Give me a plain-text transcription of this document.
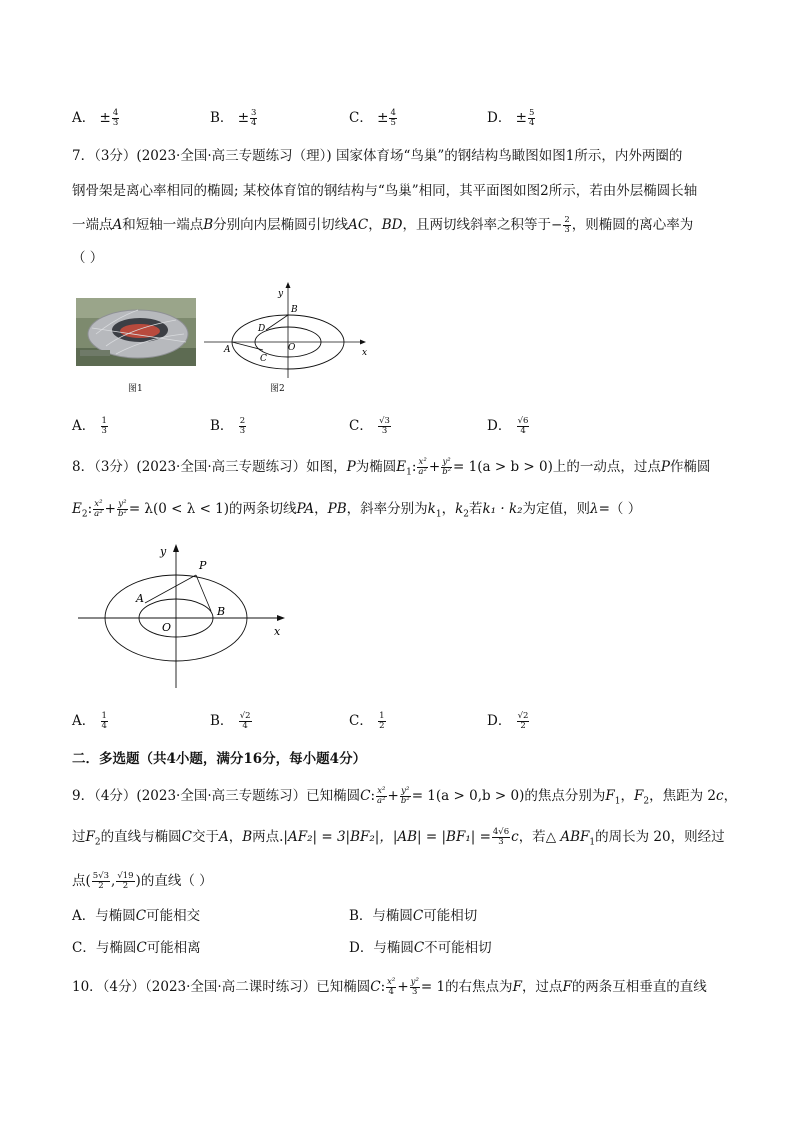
A． ± $\frac{4}{3}$	B． ± $\frac{3}{4}$	C． ± $\frac{4}{5}$	D． ± $\frac{5}{4}$
7．（3分）(2023·全国·高三专题练习（理）) 国家体育场“鸟巢”的钢结构鸟瞰图如图1所示，内外两圈的
钢骨架是离心率相同的椭圆; 某校体育馆的钢结构与“鸟巢”相同，其平面图如图2所示，若由外层椭圆长轴
一端点A和短轴一端点B分别向内层椭圆引切线AC，BD，且两切线斜率之积等于− $\frac{2}{3}$ ，则椭圆的离心率为
（ ）
图1
y
x
A
B
C
D
O
图2
A． $\frac{1}{3}$	B． $\frac{2}{3}$	C． $\frac{√3}{3}$	D． $\frac{√6}{4}$
8．（3分）(2023·全国·高三专题练习）如图，P为椭圆$E_1$: $\frac{\text{x²}}{\text{a²}} + \frac{\text{y²}}{\text{b²}} = 1(a > b > 0)$上的一动点，过点P作椭圆
$E_2$: $\frac{\text{x²}}{\text{a²}} + \frac{\text{y²}}{\text{b²}} = \lambda(0 < \lambda < 1)$的两条切线PA，PB，斜率分别为$k_1$，$k_2$若k₁ · k₂为定值，则λ=（ ）
y
x
P
A
B
O
A． $\frac{1}{4}$	B． $\frac{√2}{4}$	C． $\frac{1}{2}$	D． $\frac{√2}{2}$
二．多选题（共4小题，满分16分，每小题4分）
9．（4分）(2023·全国·高三专题练习）已知椭圆C: $\frac{\text{x²}}{\text{a²}} + \frac{\text{y²}}{\text{b²}} = 1(a > 0,b > 0)$的焦点分别为$F_1$，$F_2$，焦距为 2c，
过$F_2$的直线与椭圆C交于A，B两点.|AF₂| = 3|BF₂|，$|AB| = |BF_1| = \frac{4√6}{3}$ c，若△ $ABF_1$的周长为 20，则经过
点( $\frac{5√3}{2}$ , $\frac{√19}{2}$ )的直线（ ）
A．与椭圆C可能相交	B．与椭圆C可能相切
C．与椭圆C可能相离	D．与椭圆C不可能相切
10．（4分）（2023·全国·高二课时练习）已知椭圆C: $\frac{\text{x²}}{4} + \frac{\text{y²}}{3} = 1$的右焦点为F，过点F的两条互相垂直的直线
